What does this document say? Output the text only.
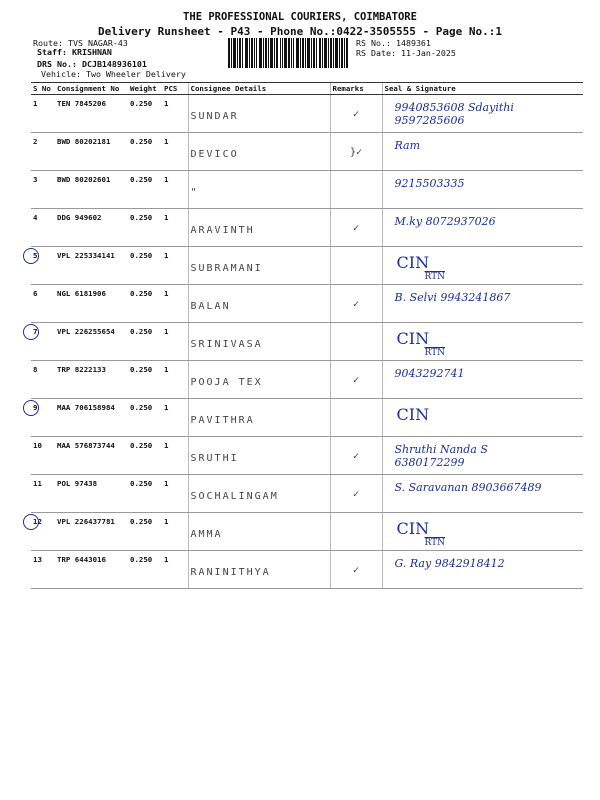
THE PROFESSIONAL COURIERS, COIMBATORE
Delivery Runsheet - P43 - Phone No.:0422-3505555 - Page No.:1
Route: TVS NAGAR-43
Staff: KRISHNAN
DRS No.: DCJB148936101
Vehicle: Two Wheeler Delivery
RS No.: 1489361
RS Date: 11-Jan-2025
S No	Consignment No	Weight	PCS	Consignee Details	Remarks	Seal & Signature
1	TEN 7845206	0.250	1	SUNDAR	✓	9940853608 Sdayithi
9597285606

2	BWD 80202181	0.250	1	DEVICO	}✓	Ram

3	BWD 80202601	0.250	1	"		9215503335

4	DDG 949602	0.250	1	ARAVINTH	✓	M.ky 8072937026

5	VPL 225334141	0.250	1	SUBRAMANI		CIN
$\overline{RTN}$

6	NGL 6181906	0.250	1	BALAN	✓	B. Selvi 9943241867

7	VPL 226255654	0.250	1	SRINIVASA		CIN
$\overline{RTN}$

8	TRP 8222133	0.250	1	POOJA TEX	✓	9043292741

9	MAA 706158984	0.250	1	PAVITHRA		CIN

10	MAA 576873744	0.250	1	SRUTHI	✓	Shruthi Nanda S
6380172299

11	POL 97438	0.250	1	SOCHALINGAM	✓	S. Saravanan 8903667489

12	VPL 226437781	0.250	1	AMMA		CIN
$\overline{RTN}$

13	TRP 6443016	0.250	1	RANINITHYA	✓	G. Ray 9842918412
